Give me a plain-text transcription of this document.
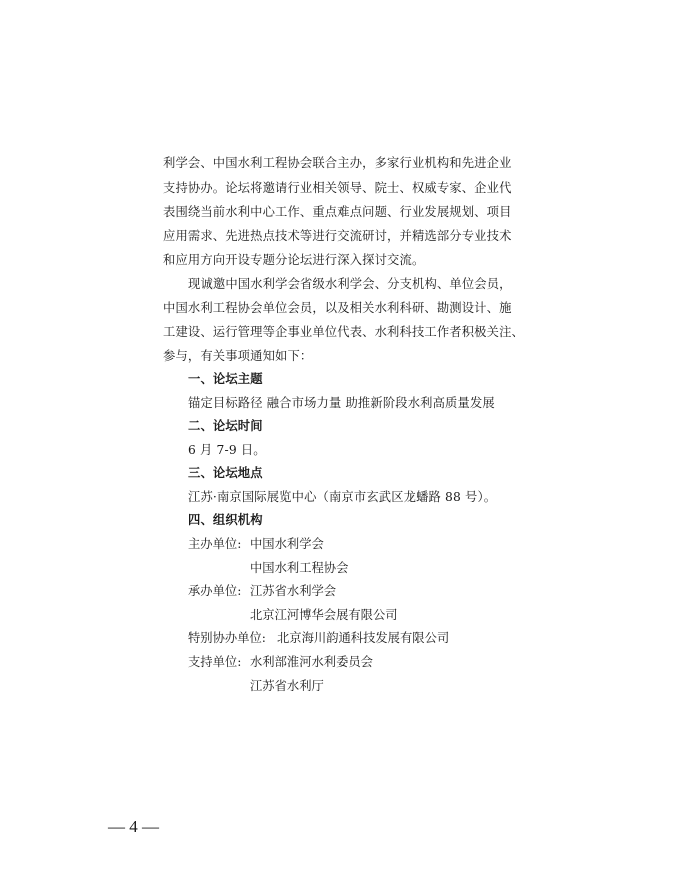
利学会、中国水利工程协会联合主办，多家行业机构和先进企业
支持协办。论坛将邀请行业相关领导、院士、权威专家、企业代
表围绕当前水利中心工作、重点难点问题、行业发展规划、项目
应用需求、先进热点技术等进行交流研讨，并精选部分专业技术
和应用方向开设专题分论坛进行深入探讨交流。
现诚邀中国水利学会省级水利学会、分支机构、单位会员，
中国水利工程协会单位会员，以及相关水利科研、勘测设计、施
工建设、运行管理等企事业单位代表、水利科技工作者积极关注、
参与，有关事项通知如下：
一、论坛主题
锚定目标路径 融合市场力量 助推新阶段水利高质量发展
二、论坛时间
6 月 7-9 日。
三、论坛地点
江苏·南京国际展览中心（南京市玄武区龙蟠路 88 号）。
四、组织机构
主办单位: 中国水利学会
中国水利工程协会
承办单位: 江苏省水利学会
北京江河博华会展有限公司
特别协办单位: 北京海川韵通科技发展有限公司
支持单位: 水利部淮河水利委员会
江苏省水利厅
— 4 —
